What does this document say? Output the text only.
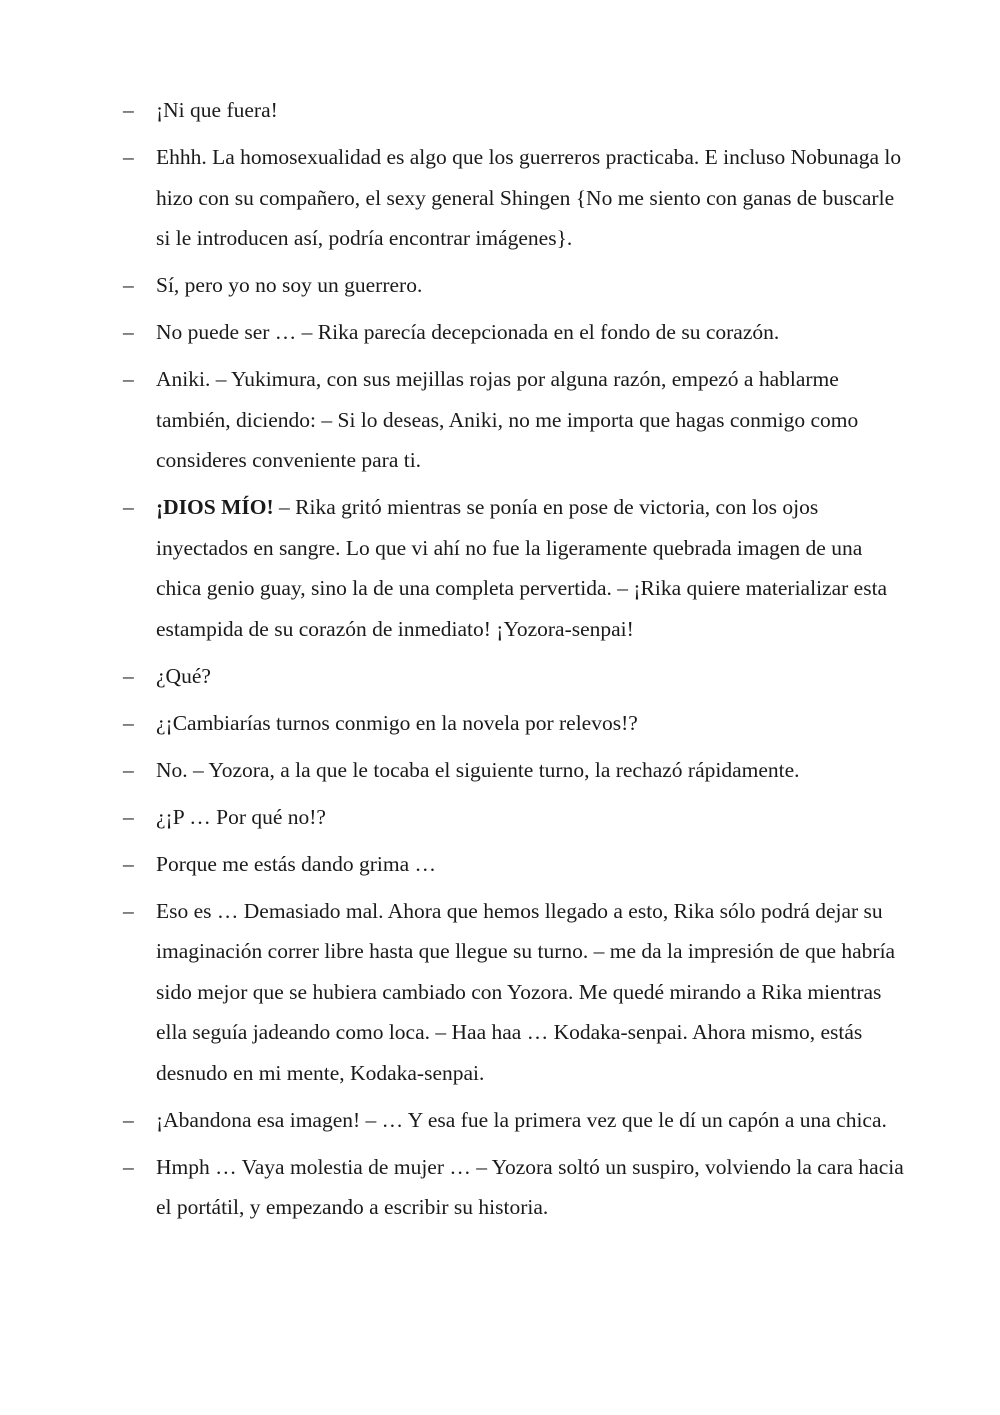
– ¡Ni que fuera!
– Ehhh. La homosexualidad es algo que los guerreros practicaba. E incluso Nobunaga lo hizo con su compañero, el sexy general Shingen {No me siento con ganas de buscarle si le introducen así, podría encontrar imágenes}.
– Sí, pero yo no soy un guerrero.
– No puede ser … – Rika parecía decepcionada en el fondo de su corazón.
– Aniki. – Yukimura, con sus mejillas rojas por alguna razón, empezó a hablarme también, diciendo: – Si lo deseas, Aniki, no me importa que hagas conmigo como consideres conveniente para ti.
– ¡DIOS MÍO! – Rika gritó mientras se ponía en pose de victoria, con los ojos inyectados en sangre. Lo que vi ahí no fue la ligeramente quebrada imagen de una chica genio guay, sino la de una completa pervertida. – ¡Rika quiere materializar esta estampida de su corazón de inmediato! ¡Yozora-senpai!
– ¿Qué?
– ¿¡Cambiarías turnos conmigo en la novela por relevos!?
– No. – Yozora, a la que le tocaba el siguiente turno, la rechazó rápidamente.
– ¿¡P … Por qué no!?
– Porque me estás dando grima …
– Eso es … Demasiado mal. Ahora que hemos llegado a esto, Rika sólo podrá dejar su imaginación correr libre hasta que llegue su turno. – me da la impresión de que habría sido mejor que se hubiera cambiado con Yozora. Me quedé mirando a Rika mientras ella seguía jadeando como loca. – Haa haa … Kodaka-senpai. Ahora mismo, estás desnudo en mi mente, Kodaka-senpai.
– ¡Abandona esa imagen! – … Y esa fue la primera vez que le dí un capón a una chica.
– Hmph … Vaya molestia de mujer … – Yozora soltó un suspiro, volviendo la cara hacia el portátil, y empezando a escribir su historia.
